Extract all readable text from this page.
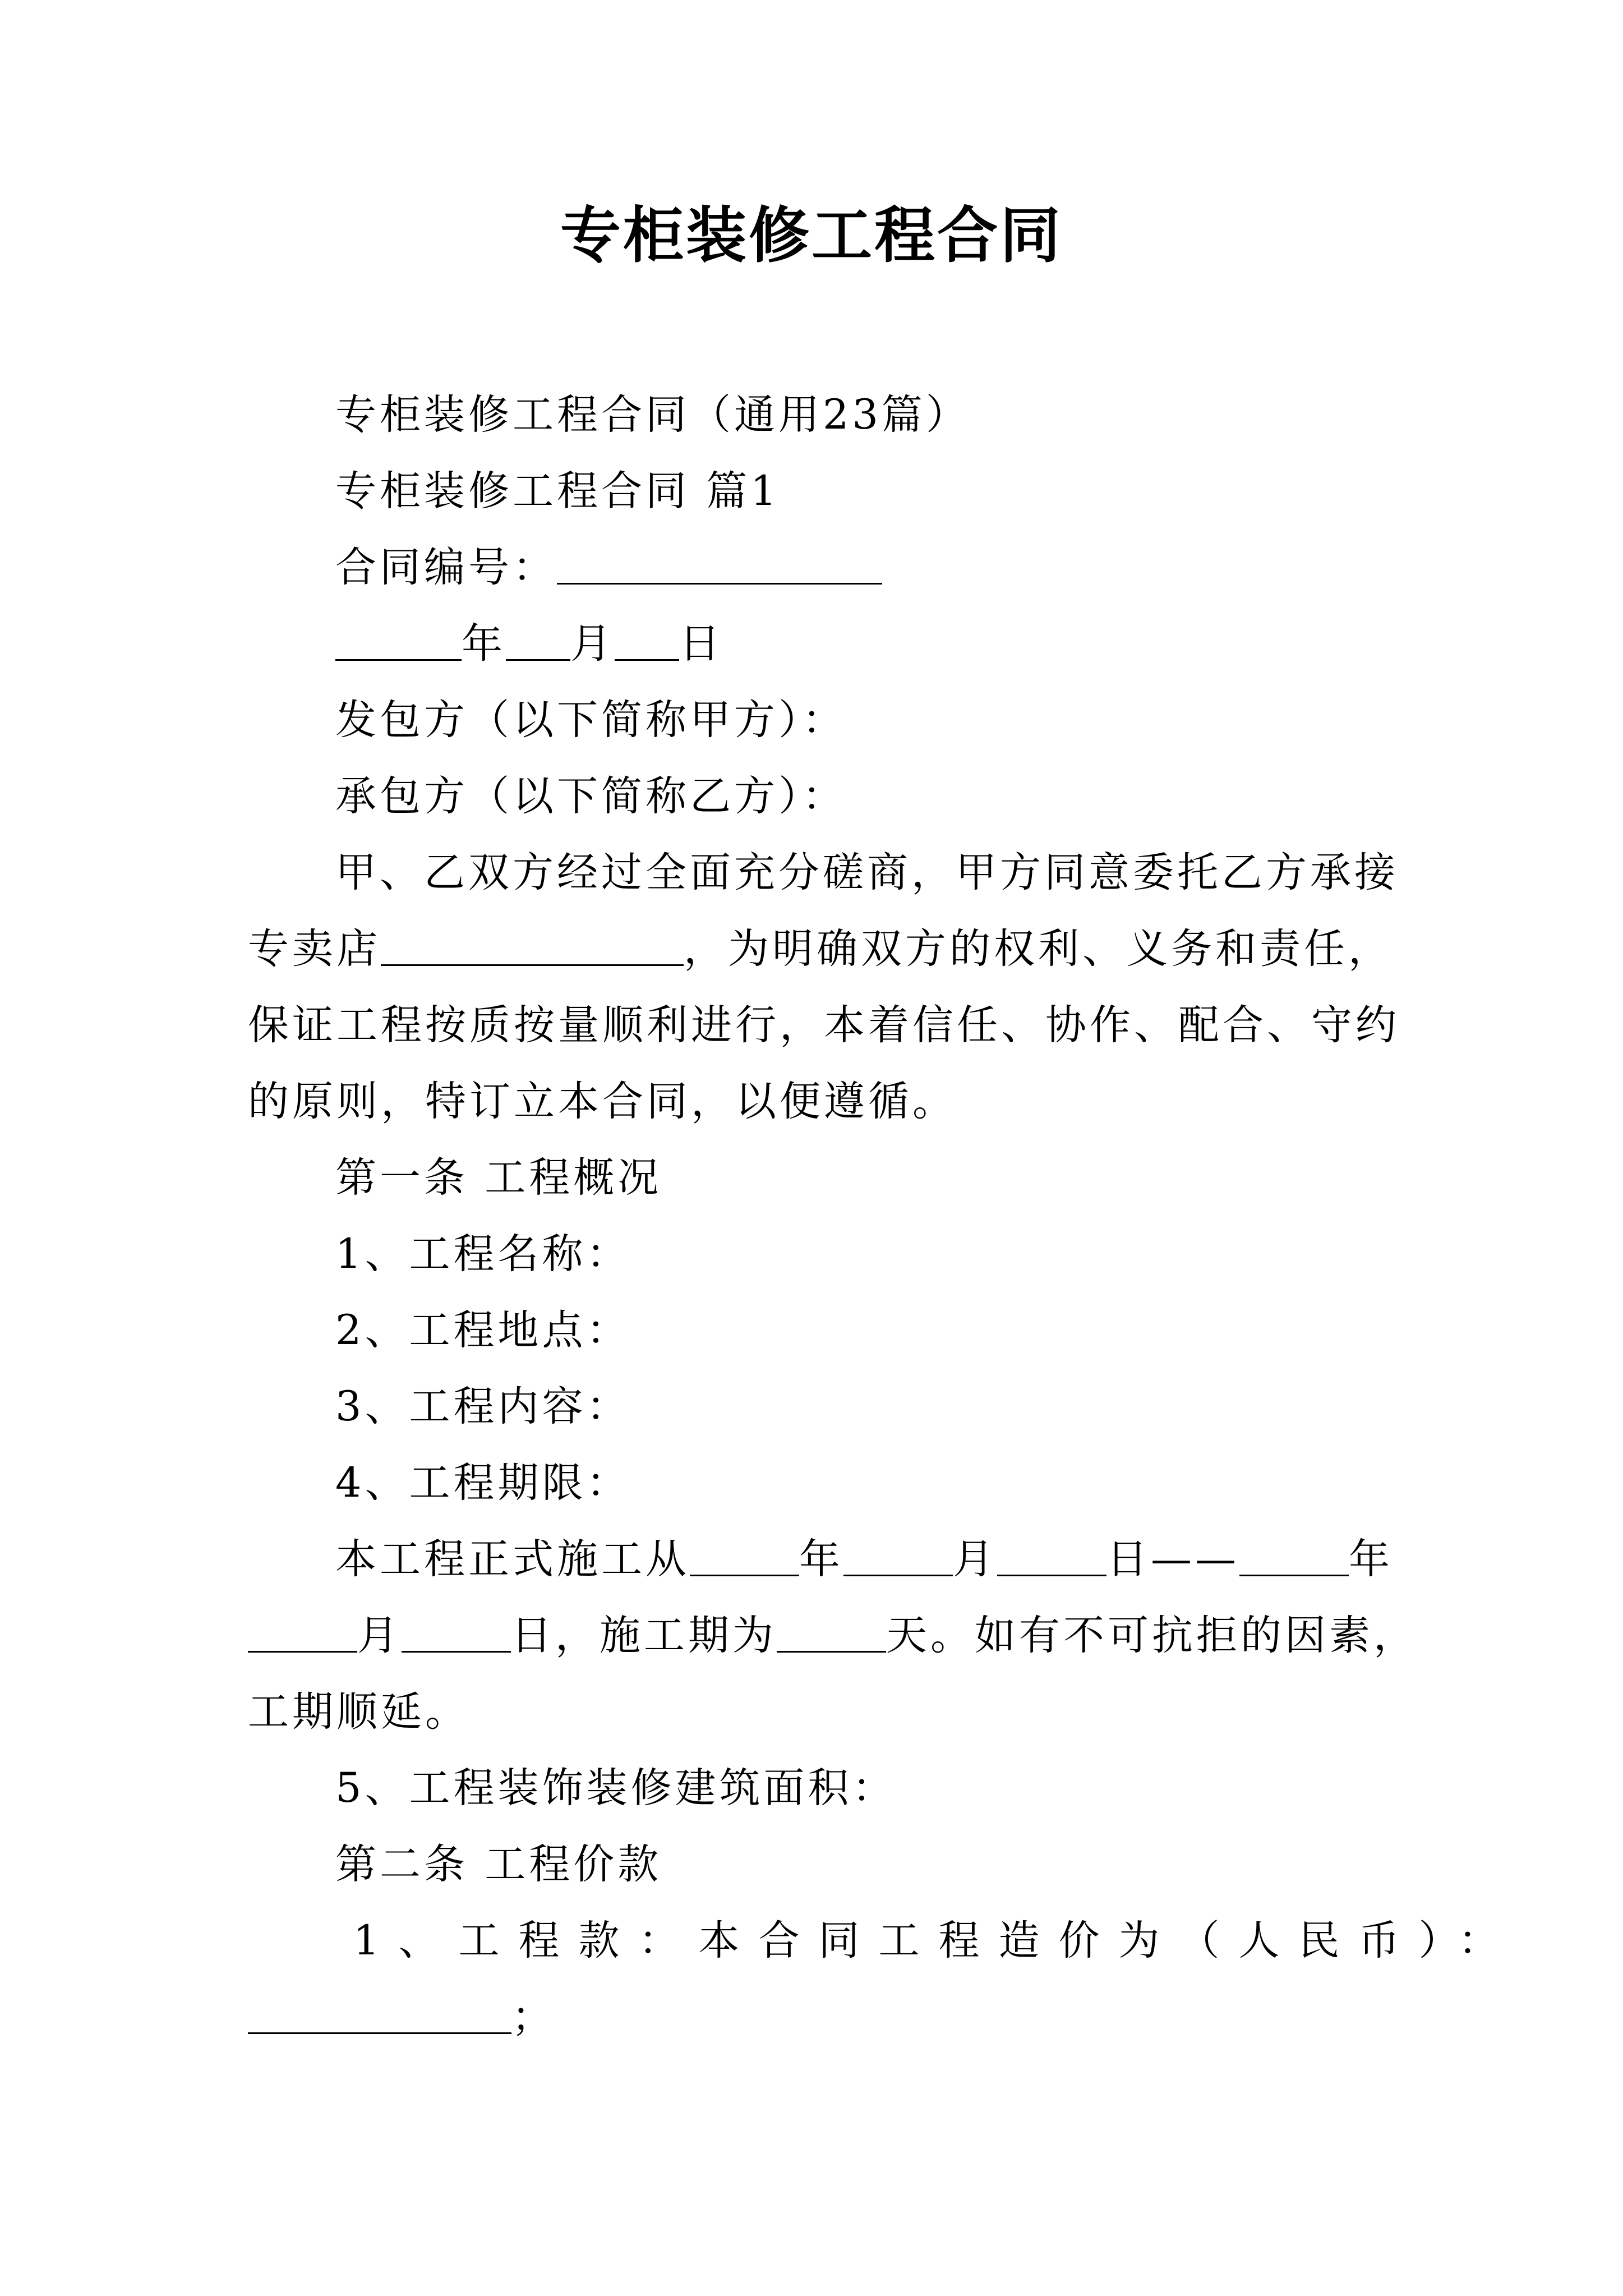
专柜装修工程合同
专柜装修工程合同（通用23篇）
专柜装修工程合同 篇1
合同编号：
年 月 日
发包方（以下简称甲方）：
承包方（以下简称乙方）：
甲、乙双方经过全面充分磋商，甲方同意委托乙方承接
专卖店	，为明确双方的权利、义务和责任，
保证工程按质按量顺利进行，本着信任、协作、配合、守约
的原则，特订立本合同，以便遵循。
第一条 工程概况
1、工程名称：
2、工程地点：
3、工程内容：
4、工程期限：
本工程正式施工从	年	月	日——	年
月	日，施工期为	天。如有不可抗拒的因素，
工期顺延。
5、工程装饰装修建筑面积：
第二条 工程价款
1、工程款：本合同工程造价为（人民币）：
；
